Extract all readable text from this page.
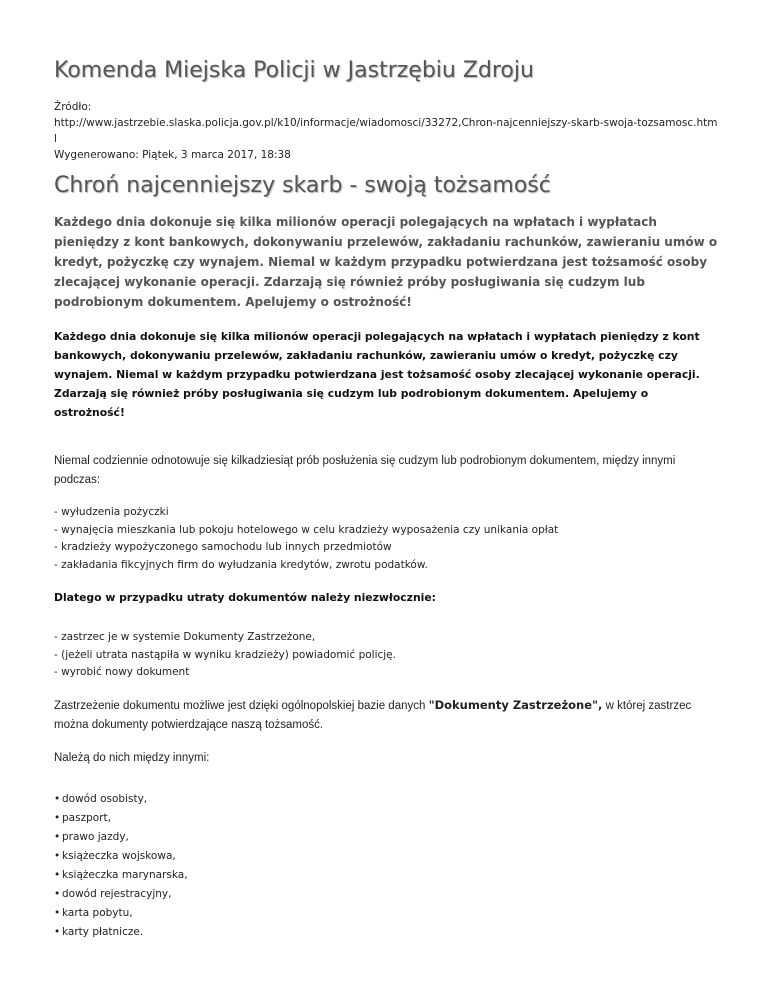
Komenda Miejska Policji w Jastrzębiu Zdroju
Źródło:
http://www.jastrzebie.slaska.policja.gov.pl/k10/informacje/wiadomosci/33272,Chron-najcenniejszy-skarb-swoja-tozsamosc.html
Wygenerowano: Piątek, 3 marca 2017, 18:38
Chroń najcenniejszy skarb - swoją tożsamość

Każdego dnia dokonuje się kilka milionów operacji polegających na wpłatach i wypłatach pieniędzy z kont bankowych, dokonywaniu przelewów, zakładaniu rachunków, zawieraniu umów o kredyt, pożyczkę czy wynajem. Niemal w każdym przypadku potwierdzana jest tożsamość osoby zlecającej wykonanie operacji. Zdarzają się również próby posługiwania się cudzym lub podrobionym dokumentem. Apelujemy o ostrożność!

Każdego dnia dokonuje się kilka milionów operacji polegających na wpłatach i wypłatach pieniędzy z kont bankowych, dokonywaniu przelewów, zakładaniu rachunków, zawieraniu umów o kredyt, pożyczkę czy wynajem. Niemal w każdym przypadku potwierdzana jest tożsamość osoby zlecającej wykonanie operacji. Zdarzają się również próby posługiwania się cudzym lub podrobionym dokumentem. Apelujemy o ostrożność!

Niemal codziennie odnotowuje się kilkadziesiąt prób posłużenia się cudzym lub podrobionym dokumentem, między innymi podczas:

- wyłudzenia pożyczki
- wynajęcia mieszkania lub pokoju hotelowego w celu kradzieży wyposażenia czy unikania opłat
- kradzieży wypożyczonego samochodu lub innych przedmiotów
- zakładania fikcyjnych firm do wyłudzania kredytów, zwrotu podatków.

Dlatego w przypadku utraty dokumentów należy niezwłocznie:

- zastrzec je w systemie Dokumenty Zastrzeżone,
- (jeżeli utrata nastąpiła w wyniku kradzieży) powiadomić policję.
- wyrobić nowy dokument

Zastrzeżenie dokumentu możliwe jest dzięki ogólnopolskiej bazie danych "Dokumenty Zastrzeżone", w której zastrzec można dokumenty potwierdzające naszą tożsamość.

Należą do nich między innymi:

• dowód osobisty,
• paszport,
• prawo jazdy,
• książeczka wojskowa,
• książeczka marynarska,
• dowód rejestracyjny,
• karta pobytu,
• karty płatnicze.
